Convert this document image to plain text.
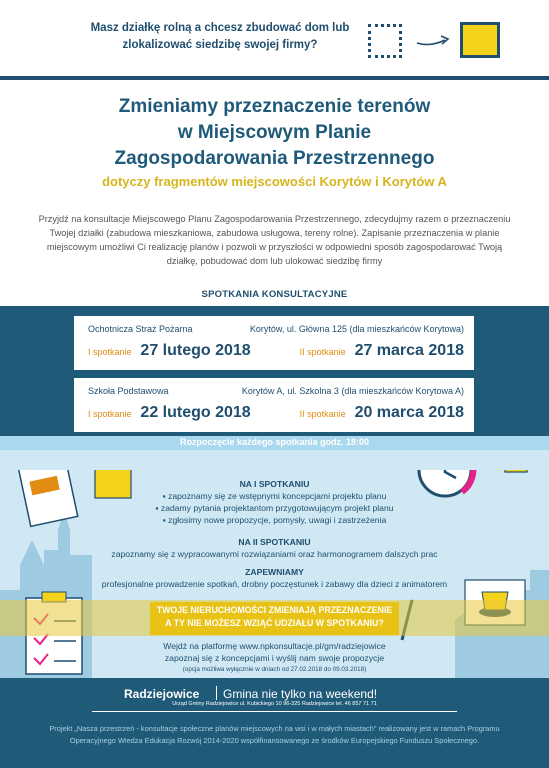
Masz działkę rolną a chcesz zbudować dom lub zlokalizować siedzibę swojej firmy?
Zmieniamy przeznaczenie terenów
w Miejscowym Planie
Zagospodarowania Przestrzennego
dotyczy fragmentów miejscowości Korytów i Korytów A
Przyjdź na konsultacje Miejscowego Planu Zagospodarowania Przestrzennego, zdecydujmy razem o przeznaczeniu Twojej działki (zabudowa mieszkaniowa, zabudowa usługowa, tereny rolne). Zapisanie przeznaczenia w planie miejscowym umożliwi Ci realizację planów i pozwoli w przyszłości w odpowiedni sposób zagospodarować Twoją działkę, pobudować dom lub ulokować siedzibę firmy
SPOTKANIA KONSULTACYJNE
Ochotnicza Straż Pożarna	Korytów, ul. Główna 125 (dla mieszkańców Korytowa)
I spotkanie 27 lutego 2018	II spotkanie 27 marca 2018
Szkoła Podstawowa	Korytów A, ul. Szkolna 3 (dla mieszkańców Korytowa A)
I spotkanie 22 lutego 2018	II spotkanie 20 marca 2018
Rozpoczęcie każdego spotkania godz. 18:00
NA I SPOTKANIU
▪ zapoznamy się ze wstępnymi koncepcjami projektu planu
▪ zadamy pytania projektantom przygotowującym projekt planu
▪ zgłosimy nowe propozycje, pomysły, uwagi i zastrzeżenia
NA II SPOTKANIU
zapoznamy się z wypracowanymi rozwiązaniami oraz harmonogramem dalszych prac
ZAPEWNIAMY
profesjonalne prowadzenie spotkań, drobny poczęstunek i zabawy dla dzieci z animatorem
TWOJE NIERUCHOMOŚCI ZMIENIAJĄ PRZEZNACZENIE
A TY NIE MOŻESZ WZIĄĆ UDZIAŁU W SPOTKANIU?
Wejdź na platformę www.npkonsultacje.pl/gm/radziejowice
zapoznaj się z koncepcjami i wyślij nam swoje propozycje
(opcja możliwa wyłącznie w dniach od 27.02.2018 do 09.03.2018)
Radziejowice Gmina nie tylko na weekend!
Urząd Gminy Radziejowice ul. Kubickiego 10 96-325 Radziejowice tel. 46 857 71 71

Projekt „Nasza przestrzeń - konsultacje społeczne planów miejscowych na wsi i w małych miastach" realizowany jest w ramach Programu Operacyjnego Wiedza Edukacja Rozwój 2014-2020 współfinansowanego ze środków Europejskiego Funduszu Społecznego.
